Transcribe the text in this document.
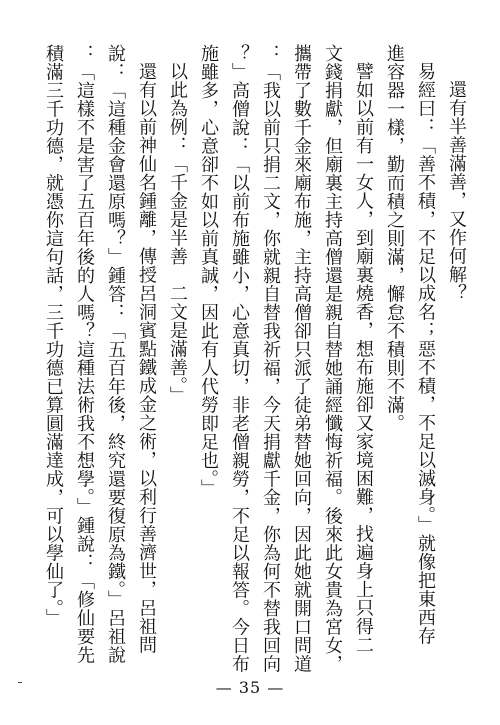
還有半善滿善，又作何解？

易經曰：「善不積，不足以成名；惡不積，不足以滅身。」就像把東西存

進容器一樣，勤而積之則滿，懈怠不積則不滿。

譬如以前有一女人，到廟裏燒香，想布施卻又家境困難，找遍身上只得二

文錢捐獻，但廟裏主持高僧還是親自替她誦經懺悔祈福。後來此女貴為宮女，

攜帶了數千金來廟布施，主持高僧卻只派了徒弟替她回向，因此她就開口問道

：「我以前只捐二文，你就親自替我祈福，今天捐獻千金，你為何不替我回向

？」高僧說：「以前布施雖小，心意真切，非老僧親勞，不足以報答。今日布

施雖多，心意卻不如以前真誠，因此有人代勞即足也。」

以此為例：「千金是半善　二文是滿善。」

還有以前神仙名鍾離，傳授呂洞賓點鐵成金之術，以利行善濟世，呂祖問

說：「這種金會還原嗎？」鍾答：「五百年後，終究還要復原為鐵。」呂祖說

：「這樣不是害了五百年後的人嗎？這種法術我不想學。」鍾說：「修仙要先

積滿三千功德，就憑你這句話，三千功德已算圓滿達成，可以學仙了。」

— 35 —
